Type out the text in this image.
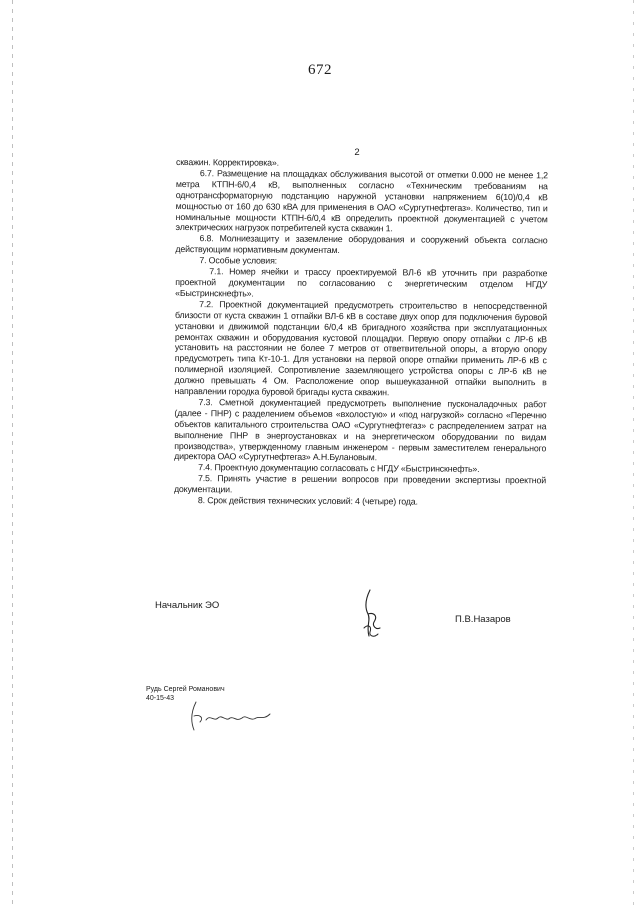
672
2

скважин. Корректировка».

6.7. Размещение на площадках обслуживания высотой от отметки 0.000 не менее 1,2 метра КТПН-6/0,4 кВ, выполненных согласно «Техническим требованиям на однотрансформаторную подстанцию наружной установки напряжением 6(10)/0,4 кВ мощностью от 160 до 630 кВА для применения в ОАО «Сургутнефтегаз». Количество, тип и номинальные мощности КТПН-6/0,4 кВ определить проектной документацией с учетом электрических нагрузок потребителей куста скважин 1.

6.8. Молниезащиту и заземление оборудования и сооружений объекта согласно действующим нормативным документам.

7. Особые условия:

7.1. Номер ячейки и трассу проектируемой ВЛ-6 кВ уточнить при разработке проектной документации по согласованию с энергетическим отделом НГДУ «Быстринскнефть».

7.2. Проектной документацией предусмотреть строительство в непосредственной близости от куста скважин 1 отпайки ВЛ-6 кВ в составе двух опор для подключения буровой установки и движимой подстанции 6/0,4 кВ бригадного хозяйства при эксплуатационных ремонтах скважин и оборудования кустовой площадки. Первую опору отпайки с ЛР-6 кВ установить на расстоянии не более 7 метров от ответвительной опоры, а вторую опору предусмотреть типа Кт-10-1. Для установки на первой опоре отпайки применить ЛР-6 кВ с полимерной изоляцией. Сопротивление заземляющего устройства опоры с ЛР-6 кВ не должно превышать 4 Ом. Расположение опор вышеуказанной отпайки выполнить в направлении городка буровой бригады куста скважин.

7.3. Сметной документацией предусмотреть выполнение пусконаладочных работ (далее - ПНР) с разделением объемов «вхолостую» и «под нагрузкой» согласно «Перечню объектов капитального строительства ОАО «Сургутнефтегаз» с распределением затрат на выполнение ПНР в энергоустановках и на энергетическом оборудовании по видам производства», утвержденному главным инженером - первым заместителем генерального директора ОАО «Сургутнефтегаз» А.Н.Булановым.

7.4. Проектную документацию согласовать с НГДУ «Быстринскнефть».

7.5. Принять участие в решении вопросов при проведении экспертизы проектной документации.

8. Срок действия технических условий: 4 (четыре) года.

Начальник ЭО
П.В.Назаров
Рудь Сергей Романович
40-15-43
